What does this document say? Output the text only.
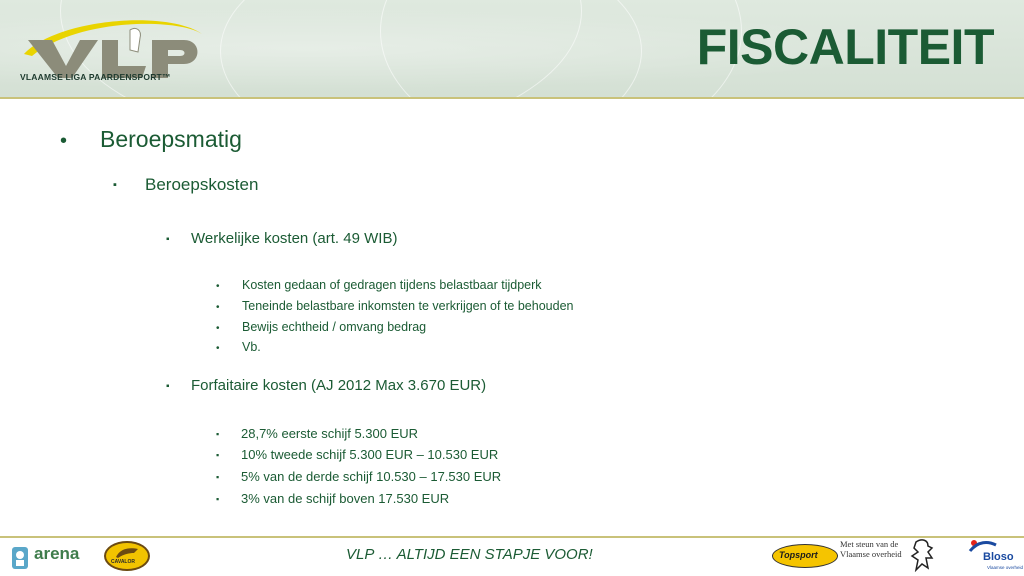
VLAAMSE LIGA PAARDENSPORT™
FISCALITEIT
•	Beroepsmatig
▪	Beroepskosten
▪	Werkelijke kosten (art. 49 WIB)
•	Kosten gedaan of gedragen tijdens belastbaar tijdperk
•	Teneinde belastbare inkomsten te verkrijgen of te behouden
•	Bewijs echtheid / omvang bedrag
•	Vb.
▪	Forfaitaire kosten (AJ 2012 Max 3.670 EUR)
▪	28,7% eerste schijf 5.300 EUR
▪	10% tweede schijf 5.300 EUR – 10.530 EUR
▪	5% van de derde schijf 10.530 – 17.530 EUR
▪	3% van de schijf boven 17.530 EUR
arena	CAVALOR	VLP … ALTIJD EEN STAPJE VOOR!	Topsport
Met steun van de
Vlaamse overheid	Bloso
Vlaamse overheid
